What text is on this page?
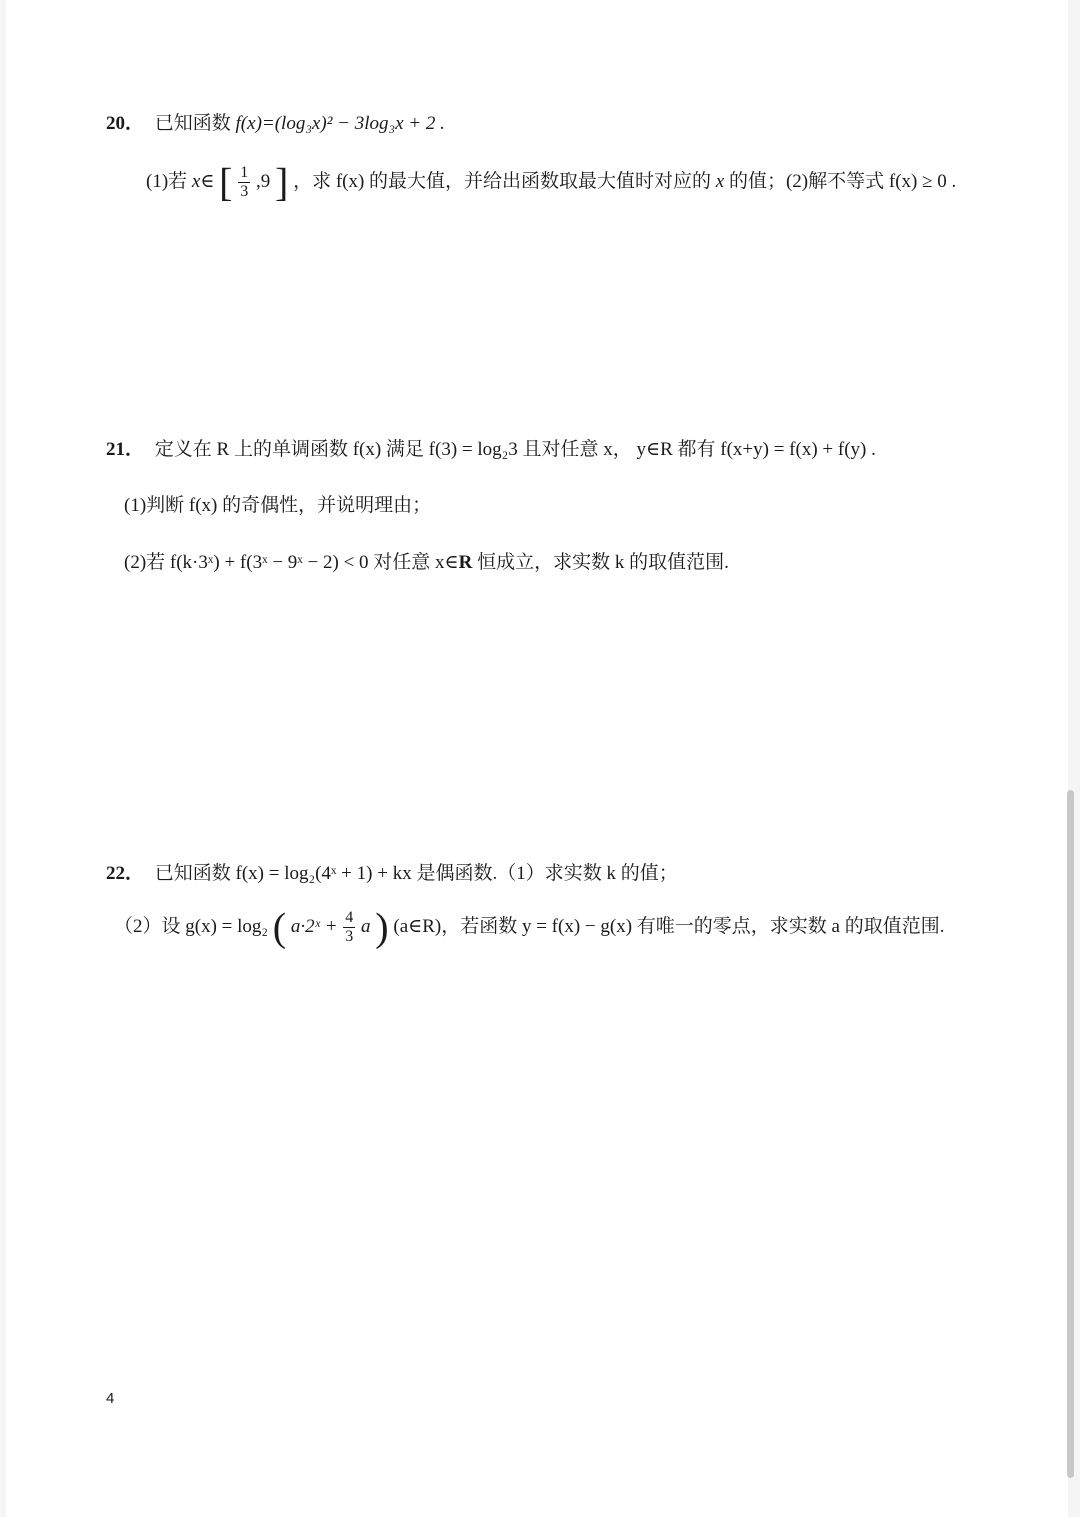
20． 已知函数 f(x)=(log₃x)² − 3log₃x + 2 .
(1)若 x∈ [ $\frac{1}{3} ,9$ ] ，求 f(x) 的最大值，并给出函数取最大值时对应的 x 的值；(2)解不等式 f(x) ≥ 0 .
21． 定义在 R 上的单调函数 f(x) 满足 f(3) = log₂3 且对任意 x， y∈R 都有 f(x+y) = f(x) + f(y) .
(1)判断 f(x) 的奇偶性，并说明理由；
(2)若 f(k·3ˣ) + f(3ˣ − 9ˣ − 2) < 0 对任意 x∈R 恒成立，求实数 k 的取值范围.
22． 已知函数 f(x) = log₂(4ˣ + 1) + kx 是偶函数.（1）求实数 k 的值；
（2）设 g(x) = log₂ ( a·2ˣ + $\frac{4}{3}$ a ) (a∈R)，若函数 y = f(x) − g(x) 有唯一的零点，求实数 a 的取值范围.
4
